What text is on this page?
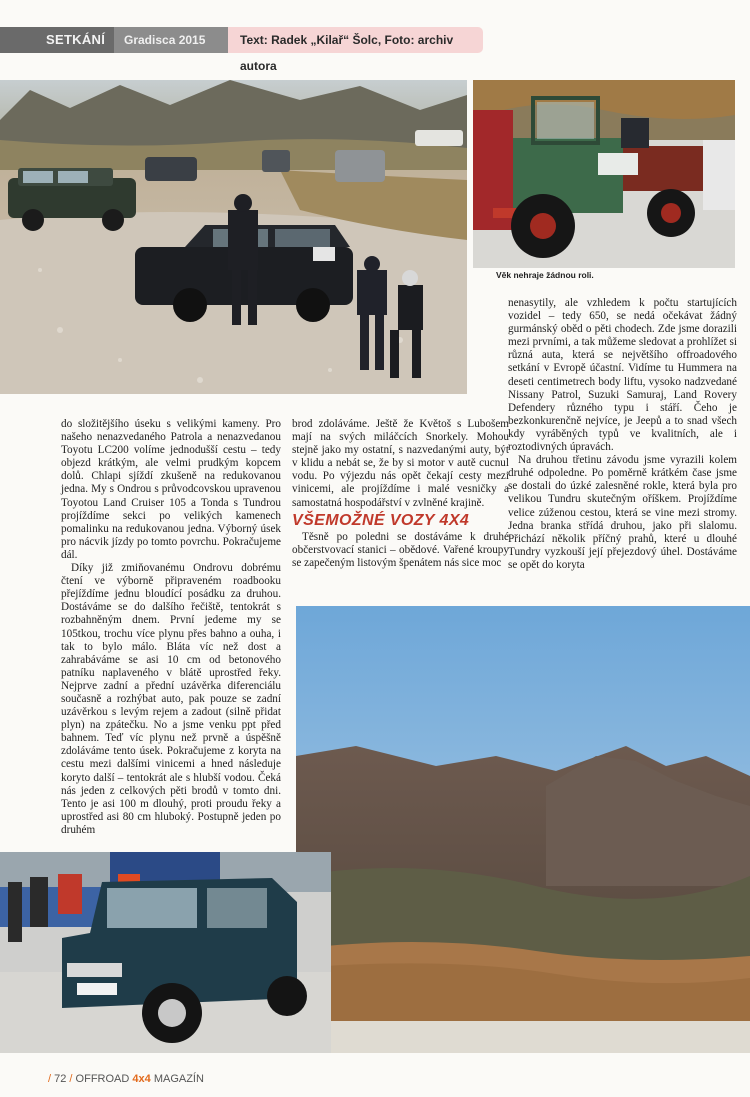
SETKÁNÍ	Gradisca 2015	Text: Radek „Kilař“ Šolc, Foto: archiv autora
Věk nehraje žádnou roli.

nenasytily, ale vzhledem k počtu startujících vozidel – tedy 650, se nedá očekávat žádný gurmánský oběd o pěti chodech. Zde jsme dorazili mezi prvními, a tak můžeme sledovat a prohlížet si různá auta, která se největšího offroadového setkání v Evropě účastní. Vidíme tu Hummera na deseti centimetrech body liftu, vysoko nadzvedané Nissany Patrol, Suzuki Samuraj, Land Rovery Defendery různého typu i stáří. Čeho je bezkonkurenčně nejvíce, je Jeepů a to snad všech kdy vyráběných typů ve kvalitních, ale i roztodivných úpravách.

Na druhou třetinu závodu jsme vyrazili kolem druhé odpoledne. Po poměrně krátkém čase jsme se dostali do úzké zalesněné rokle, která byla pro velikou Tundru skutečným oříškem. Projíždíme velice zúženou cestou, která se vine mezi stromy. Jedna branka střídá druhou, jako při slalomu. Přichází několik příčný prahů, které u dlouhé Tundry vyzkouší její přejezdový úhel. Dostáváme se opět do koryta

do složitějšího úseku s velikými kameny. Pro našeho nenazvedaného Patrola a nenazvedanou Toyotu LC200 volíme jednodušší cestu – tedy objezd krátkým, ale velmi prudkým kopcem dolů. Chlapi sjíždí zkušeně na redukovanou jedna. My s Ondrou s průvodcovskou upravenou Toyotou Land Cruiser 105 a Tonda s Tundrou projíždíme sekci po velikých kamenech pomalinku na redukovanou jedna. Výborný úsek pro nácvik jízdy po tomto povrchu. Pokračujeme dál.

Díky již zmiňovanému Ondrovu dobrému čtení ve výborně připraveném roadbooku přejíždíme jednu bloudící posádku za druhou. Dostáváme se do dalšího řečiště, tentokrát s rozbahněným dnem. První jedeme my se 105tkou, trochu více plynu přes bahno a ouha, i tak to bylo málo. Bláta víc než dost a zahrabáváme se asi 10 cm od betonového patníku naplaveného v blátě uprostřed řeky. Nejprve zadní a přední uzávěrka diferenciálu současně a rozhýbat auto, pak pouze se zadní uzávěrkou s levým rejem a zadout (silně přidat plyn) na zpátečku. No a jsme venku ppt před bahnem. Teď víc plynu než prvně a úspěšně zdoláváme tento úsek. Pokračujeme z koryta na cestu mezi dalšími vinicemi a hned následuje koryto další – tentokrát ale s hlubší vodou. Čeká nás jeden z celkových pěti brodů v tomto dni. Tento je asi 100 m dlouhý, proti proudu řeky a uprostřed asi 80 cm hluboký. Postupně jeden po druhém

brod zdoláváme. Ještě že Květoš s Lubošem mají na svých miláčcích Snorkely. Mohou stejně jako my ostatní, s nazvedanými auty, být v klidu a nebát se, že by si motor v autě cucnul vodu. Po výjezdu nás opět čekají cesty mezi vinicemi, ale projíždíme i malé vesničky a samostatná hospodářství v zvlněné krajině.

VŠEMOŽNÉ VOZY 4X4

Těsně po poledni se dostáváme k druhé občerstvovací stanici – obědové. Vařené kroupy se zapečeným listovým špenátem nás sice moc

/ 72 / OFFROAD 4x4 MAGAZÍN
